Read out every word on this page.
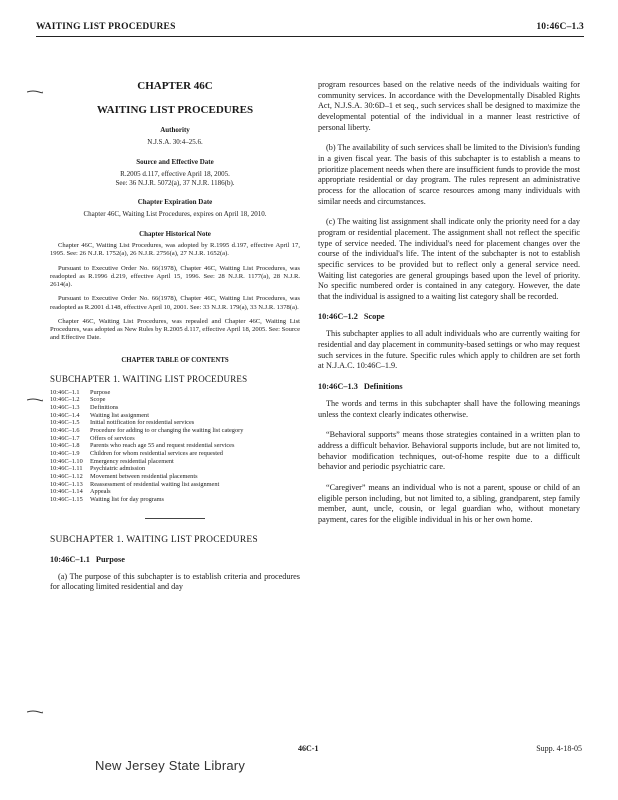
WAITING LIST PROCEDURES	10:46C–1.3
CHAPTER 46C
WAITING LIST PROCEDURES
Authority
N.J.S.A. 30:4–25.6.
Source and Effective Date
R.2005 d.117, effective April 18, 2005.
See: 36 N.J.R. 5072(a), 37 N.J.R. 1186(b).
Chapter Expiration Date
Chapter 46C, Waiting List Procedures, expires on April 18, 2010.
Chapter Historical Note

Chapter 46C, Waiting List Procedures, was adopted by R.1995 d.197, effective April 17, 1995. See: 26 N.J.R. 1752(a), 26 N.J.R. 2756(a), 27 N.J.R. 1652(a).

Pursuant to Executive Order No. 66(1978), Chapter 46C, Waiting List Procedures, was readopted as R.1996 d.219, effective April 15, 1996. See: 28 N.J.R. 1177(a), 28 N.J.R. 2614(a).

Pursuant to Executive Order No. 66(1978), Chapter 46C, Waiting List Procedures, was readopted as R.2001 d.148, effective April 10, 2001. See: 33 N.J.R. 179(a), 33 N.J.R. 1378(a).

Chapter 46C, Waiting List Procedures, was repealed and Chapter 46C, Waiting List Procedures, was adopted as New Rules by R.2005 d.117, effective April 18, 2005. See: Source and Effective Date.

CHAPTER TABLE OF CONTENTS
SUBCHAPTER 1. WAITING LIST PROCEDURES
10:46C–1.1	Purpose
10:46C–1.2	Scope
10:46C–1.3	Definitions
10:46C–1.4	Waiting list assignment
10:46C–1.5	Initial notification for residential services
10:46C–1.6	Procedure for adding to or changing the waiting list category
10:46C–1.7	Offers of services
10:46C–1.8	Parents who reach age 55 and request residential services
10:46C–1.9	Children for whom residential services are requested
10:46C–1.10	Emergency residential placement
10:46C–1.11	Psychiatric admission
10:46C–1.12	Movement between residential placements
10:46C–1.13	Reassessment of residential waiting list assignment
10:46C–1.14	Appeals
10:46C–1.15	Waiting list for day programs
SUBCHAPTER 1. WAITING LIST PROCEDURES
10:46C–1.1 Purpose

(a) The purpose of this subchapter is to establish criteria and procedures for allocating limited residential and day

program resources based on the relative needs of the individuals waiting for community services. In accordance with the Developmentally Disabled Rights Act, N.J.S.A. 30:6D–1 et seq., such services shall be designed to maximize the developmental potential of the individual in a manner least restrictive of personal liberty.

(b) The availability of such services shall be limited to the Division's funding in a given fiscal year. The basis of this subchapter is to establish a means to prioritize placement needs when there are insufficient funds to provide the most appropriate residential or day program. The rules represent an administrative process for the allocation of scarce resources among many individuals with similar needs and circumstances.

(c) The waiting list assignment shall indicate only the priority need for a day program or residential placement. The assignment shall not reflect the specific type of service needed. The individual's need for placement changes over the course of the individual's life. The intent of the subchapter is not to establish specific services to be provided but to reflect only a general service need. Waiting list categories are general groupings based upon the level of priority. No specific numbered order is contained in any category. However, the date that the individual is assigned to a waiting list category shall be recorded.

10:46C–1.2 Scope

This subchapter applies to all adult individuals who are currently waiting for residential and day placement in community-based settings or who may request such services in the future. Specific rules which apply to children are set forth at N.J.A.C. 10:46C–1.9.

10:46C–1.3 Definitions

The words and terms in this subchapter shall have the following meanings unless the context clearly indicates otherwise.

“Behavioral supports” means those strategies contained in a written plan to address a difficult behavior. Behavioral supports include, but are not limited to, behavior modification techniques, out-of-home respite due to a difficult behavior and periodic psychiatric care.

“Caregiver” means an individual who is not a parent, spouse or child of an eligible person including, but not limited to, a sibling, grandparent, step family member, aunt, uncle, cousin, or legal guardian who, without monetary payment, cares for the eligible individual in his or her own home.

46C-1	Supp. 4-18-05
New Jersey State Library
